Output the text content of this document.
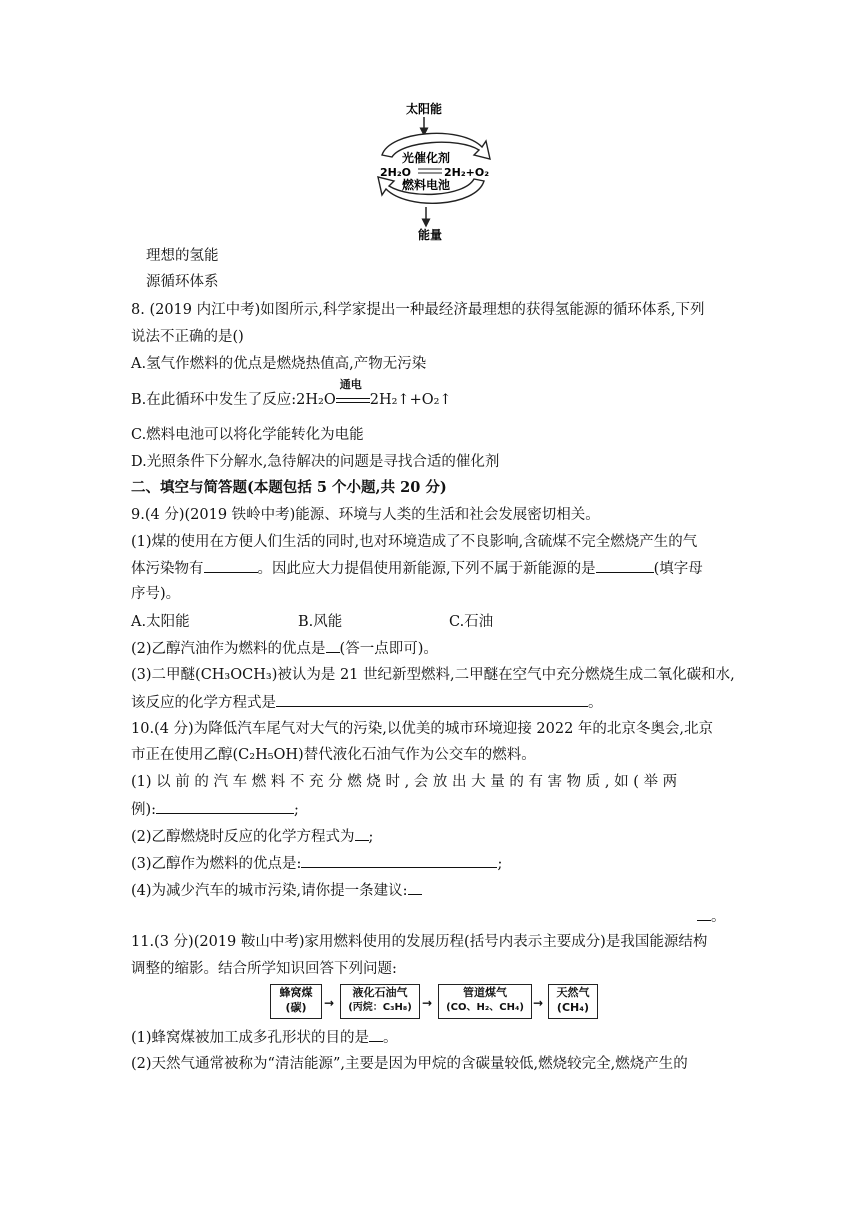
太阳能
光催化剂
2H₂O	2H₂+O₂
燃料电池
能量
理想的氢能
源循环体系
8. (2019 内江中考)如图所示,科学家提出一种最经济最理想的获得氢能源的循环体系,下列
说法不正确的是()
A.氢气作燃料的优点是燃烧热值高,产物无污染
B.在此循环中发生了反应:2H₂O
通电
2H₂↑+O₂↑
C.燃料电池可以将化学能转化为电能
D.光照条件下分解水,急待解决的问题是寻找合适的催化剂
二、填空与简答题(本题包括 5 个小题,共 20 分)
9.(4 分)(2019 铁岭中考)能源、环境与人类的生活和社会发展密切相关。
(1)煤的使用在方便人们生活的同时,也对环境造成了不良影响,含硫煤不完全燃烧产生的气
体污染物有	。因此应大力提倡使用新能源,下列不属于新能源的是	(填字母
序号)。
A.太阳能	B.风能	C.石油
(2)乙醇汽油作为燃料的优点是 (答一点即可)。
(3)二甲醚(CH₃OCH₃)被认为是 21 世纪新型燃料,二甲醚在空气中充分燃烧生成二氧化碳和水,
该反应的化学方程式是	。
10.(4 分)为降低汽车尾气对大气的污染,以优美的城市环境迎接 2022 年的北京冬奥会,北京
市正在使用乙醇(C₂H₅OH)替代液化石油气作为公交车的燃料。
(1) 以 前 的 汽 车 燃 料 不 充 分 燃 烧 时 , 会 放 出 大 量 的 有 害 物 质 , 如 ( 举 两
例):	;
(2)乙醇燃烧时反应的化学方程式为 ;
(3)乙醇作为燃料的优点是:	;
(4)为减少汽车的城市污染,请你提一条建议:
。
11.(3 分)(2019 鞍山中考)家用燃料使用的发展历程(括号内表示主要成分)是我国能源结构
调整的缩影。结合所学知识回答下列问题:
蜂窝煤
(碳)	→
液化石油气
(丙烷：C₃H₈) →
管道煤气
(CO、H₂、CH₄) →
天然气
(CH₄)
(1)蜂窝煤被加工成多孔形状的目的是 。
(2)天然气通常被称为“清洁能源”,主要是因为甲烷的含碳量较低,燃烧较完全,燃烧产生的
